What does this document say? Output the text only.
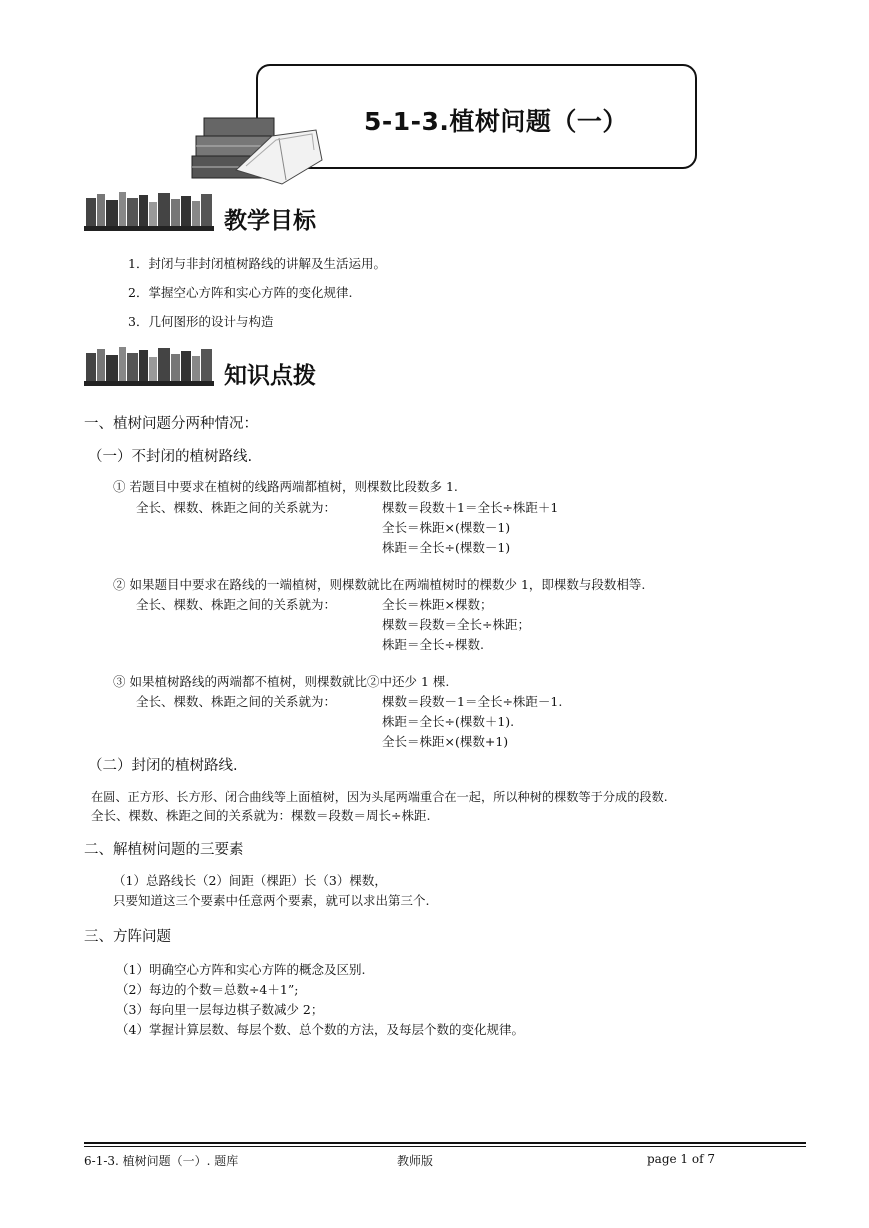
5-1-3.植树问题（一）
教学目标
1．封闭与非封闭植树路线的讲解及生活运用。
2．掌握空心方阵和实心方阵的变化规律.
3．几何图形的设计与构造
知识点拨
一、植树问题分两种情况：
（一）不封闭的植树路线.
① 若题目中要求在植树的线路两端都植树，则棵数比段数多 1.
全长、棵数、株距之间的关系就为：	棵数＝段数＋1＝全长÷株距＋1
全长＝株距×(棵数－1)
株距＝全长÷(棵数－1)
② 如果题目中要求在路线的一端植树，则棵数就比在两端植树时的棵数少 1，即棵数与段数相等.
全长、棵数、株距之间的关系就为：	全长＝株距×棵数；
棵数＝段数＝全长÷株距；
株距＝全长÷棵数.
③ 如果植树路线的两端都不植树，则棵数就比②中还少 1 棵.
全长、棵数、株距之间的关系就为：	棵数＝段数－1＝全长÷株距－1.
株距＝全长÷(棵数＋1).
全长＝株距×(棵数+1)
（二）封闭的植树路线.
在圆、正方形、长方形、闭合曲线等上面植树，因为头尾两端重合在一起，所以种树的棵数等于分成的段数.
全长、棵数、株距之间的关系就为：棵数＝段数＝周长÷株距.
二、解植树问题的三要素
（1）总路线长（2）间距（棵距）长（3）棵数，
只要知道这三个要素中任意两个要素，就可以求出第三个.
三、方阵问题
（1）明确空心方阵和实心方阵的概念及区别.
（2）每边的个数＝总数÷4＋1”;
（3）每向里一层每边棋子数减少 2；
（4）掌握计算层数、每层个数、总个数的方法，及每层个数的变化规律。
6-1-3. 植树问题（一）. 题库	教师版	page 1 of 7
